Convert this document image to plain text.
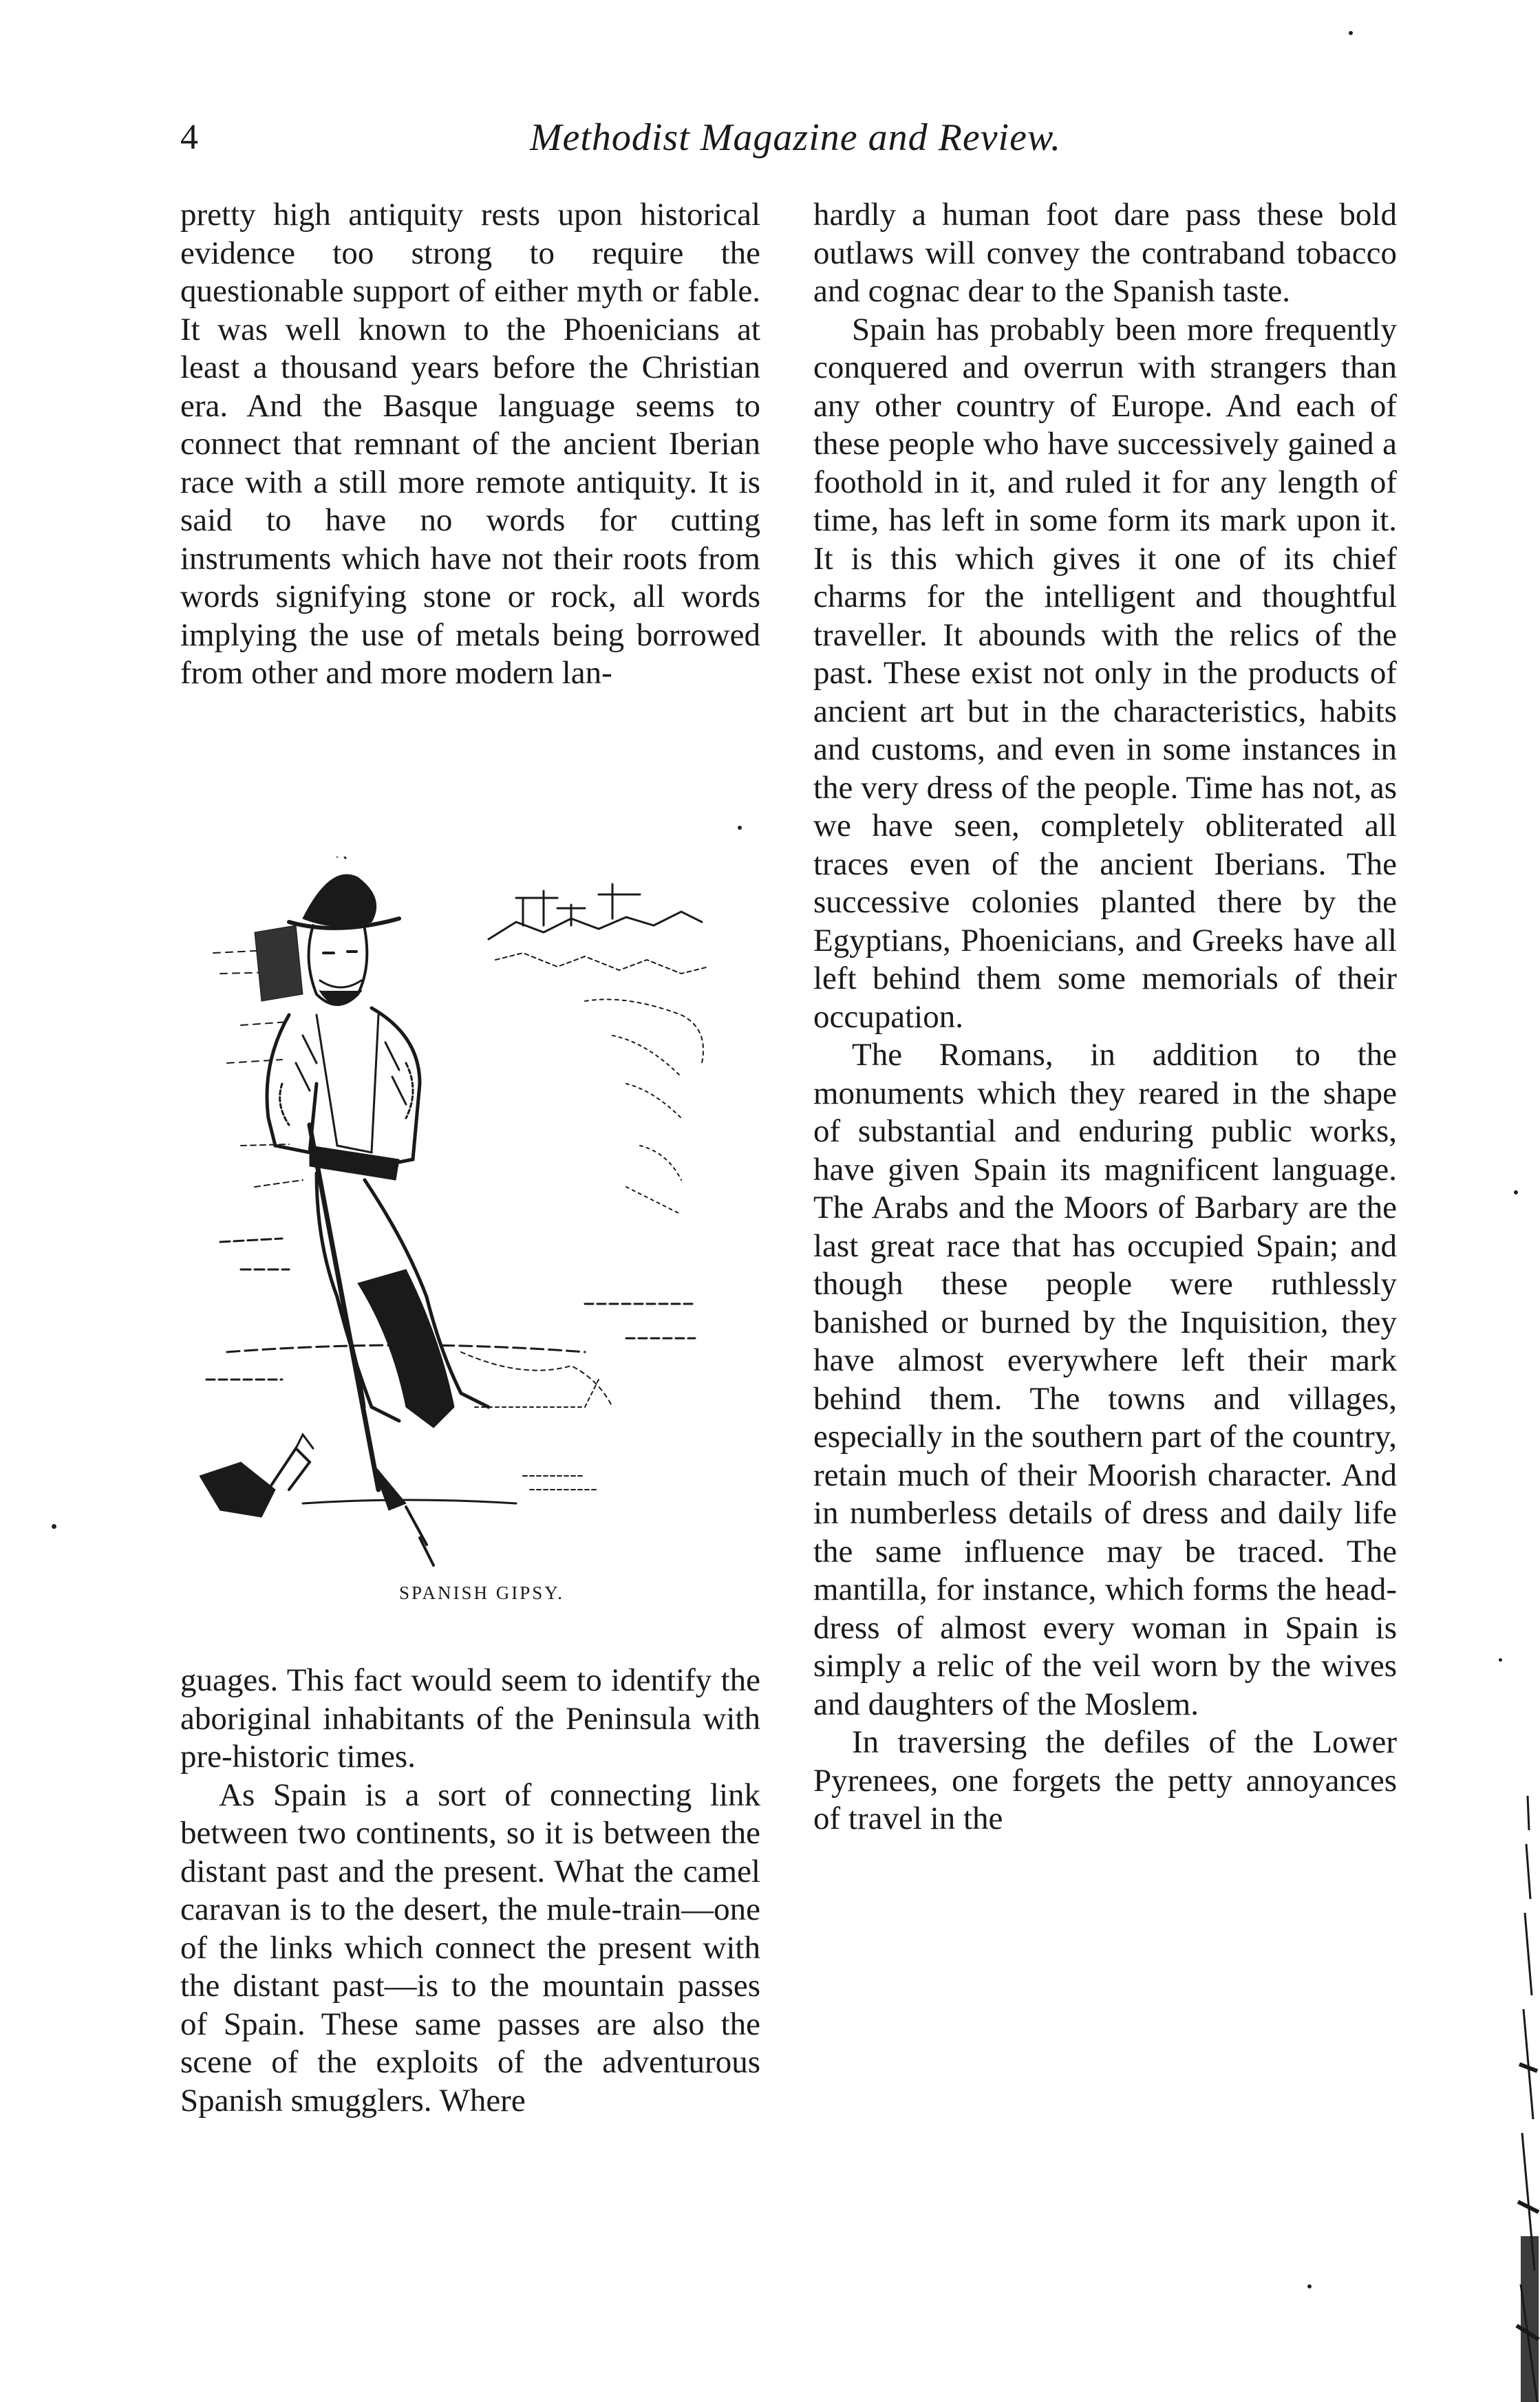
4	Methodist Magazine and Review.

pretty high antiquity rests upon historical evidence too strong to require the questionable support of either myth or fable. It was well known to the Phoenicians at least a thousand years before the Christian era. And the Basque language seems to connect that remnant of the ancient Iberian race with a still more remote antiquity. It is said to have no words for cutting instruments which have not their roots from words signifying stone or rock, all words implying the use of metals being borrowed from other and more modern lan-

SPANISH GIPSY.

guages. This fact would seem to identify the aboriginal inhabitants of the Peninsula with pre-historic times.

As Spain is a sort of connecting link between two continents, so it is between the distant past and the present. What the camel caravan is to the desert, the mule-train—one of the links which connect the present with the distant past—is to the mountain passes of Spain. These same passes are also the scene of the exploits of the adventurous Spanish smugglers. Where

hardly a human foot dare pass these bold outlaws will convey the contraband tobacco and cognac dear to the Spanish taste.

Spain has probably been more frequently conquered and overrun with strangers than any other country of Europe. And each of these people who have successively gained a foothold in it, and ruled it for any length of time, has left in some form its mark upon it. It is this which gives it one of its chief charms for the intelligent and thoughtful traveller. It abounds with the relics of the past. These exist not only in the products of ancient art but in the characteristics, habits and customs, and even in some instances in the very dress of the people. Time has not, as we have seen, completely obliterated all traces even of the ancient Iberians. The successive colonies planted there by the Egyptians, Phoenicians, and Greeks have all left behind them some memorials of their occupation.

The Romans, in addition to the monuments which they reared in the shape of substantial and enduring public works, have given Spain its magnificent language. The Arabs and the Moors of Barbary are the last great race that has occupied Spain; and though these people were ruthlessly banished or burned by the Inquisition, they have almost everywhere left their mark behind them. The towns and villages, especially in the southern part of the country, retain much of their Moorish character. And in numberless details of dress and daily life the same influence may be traced. The mantilla, for instance, which forms the head-dress of almost every woman in Spain is simply a relic of the veil worn by the wives and daughters of the Moslem.

In traversing the defiles of the Lower Pyrenees, one forgets the petty annoyances of travel in the
